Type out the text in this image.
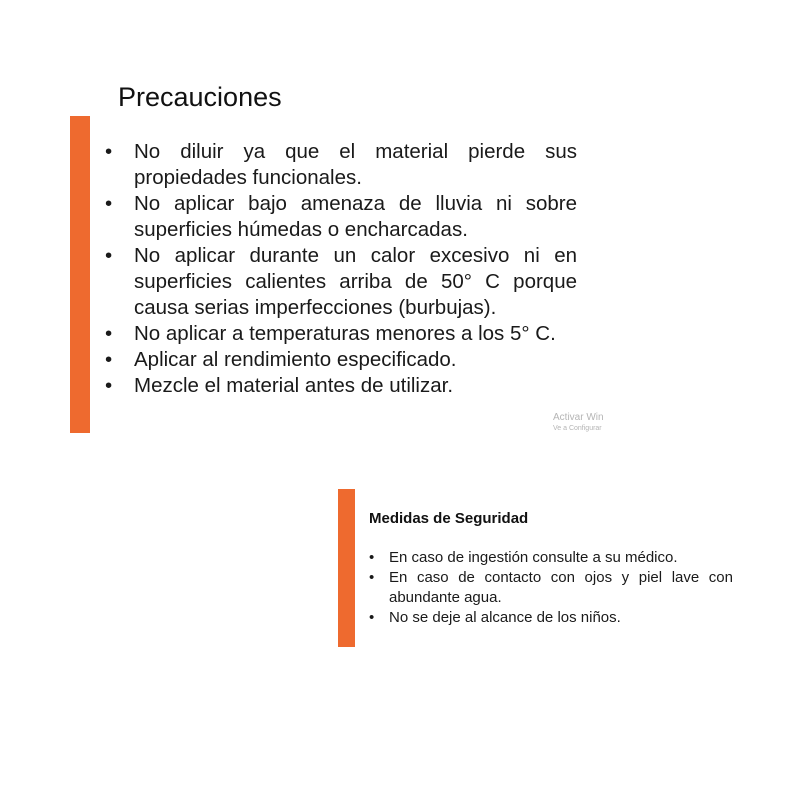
Precauciones
• No diluir ya que el material pierde sus propiedades funcionales.
• No aplicar bajo amenaza de lluvia ni sobre superficies húmedas o encharcadas.
• No aplicar durante un calor excesivo ni en superficies calientes arriba de 50° C porque causa serias imperfecciones (burbujas).
• No aplicar a temperaturas menores a los 5° C.
• Aplicar al rendimiento especificado.
• Mezcle el material antes de utilizar.
Activar Win
Ve a Configurar
Medidas de Seguridad
• En caso de ingestión consulte a su médico.
• En caso de contacto con ojos y piel lave con abundante agua.
• No se deje al alcance de los niños.
